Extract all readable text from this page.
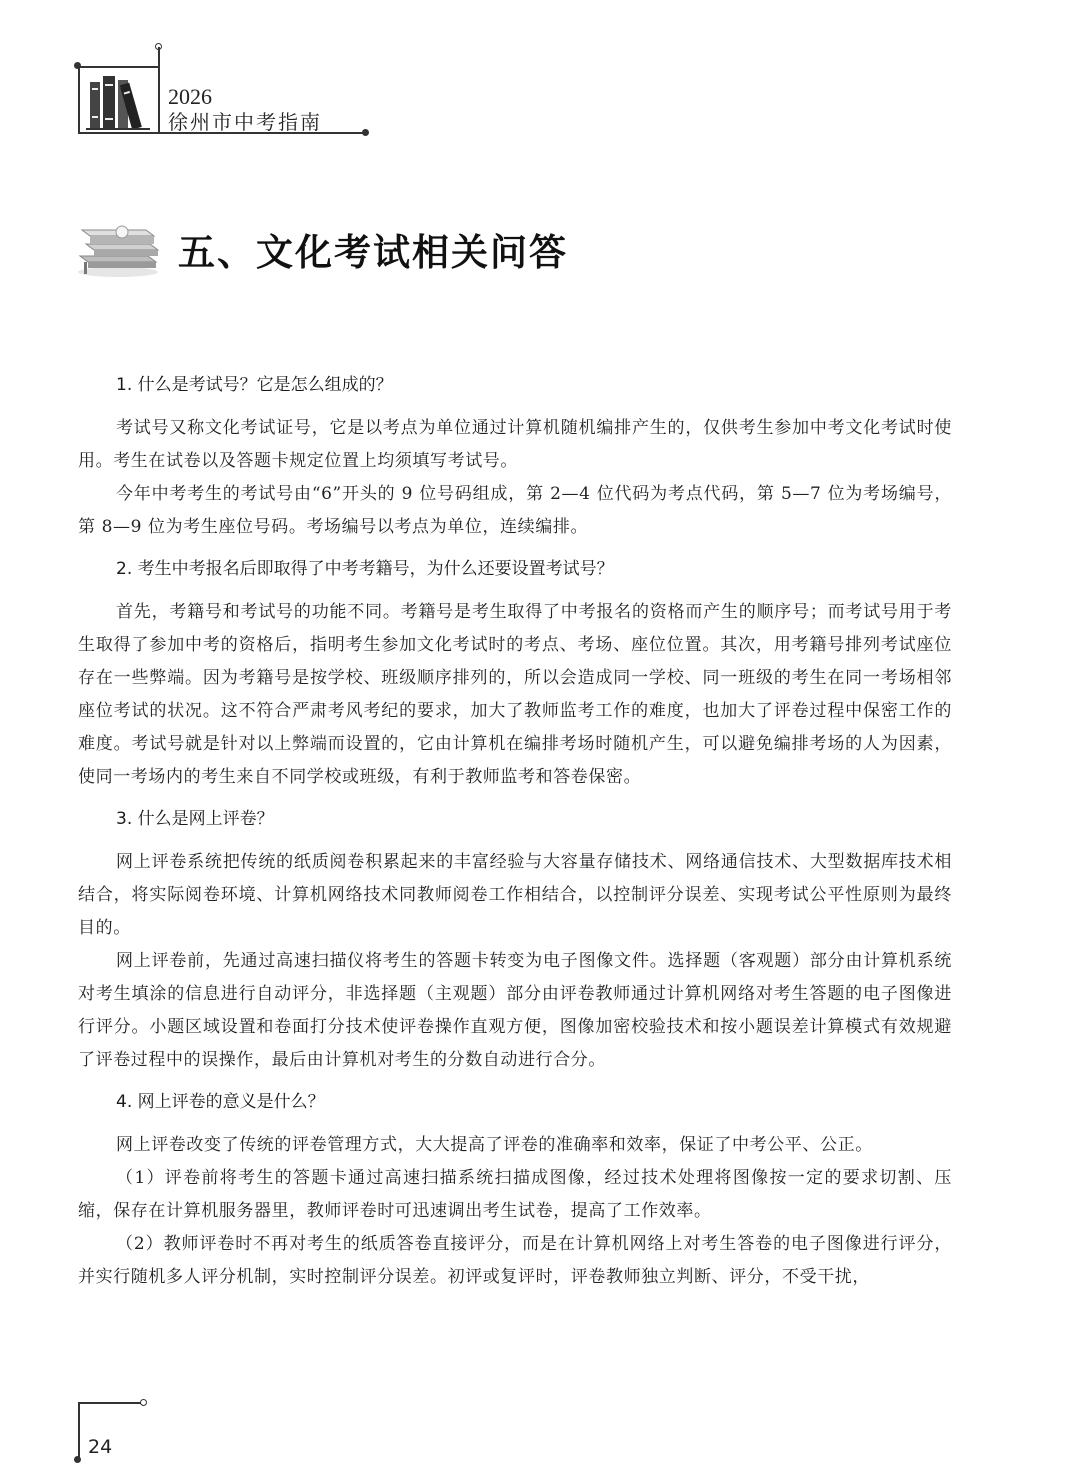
2026
徐州市中考指南
五、文化考试相关问答
1. 什么是考试号？它是怎么组成的？

考试号又称文化考试证号，它是以考点为单位通过计算机随机编排产生的，仅供考生参加中考文化考试时使用。考生在试卷以及答题卡规定位置上均须填写考试号。

今年中考考生的考试号由“6”开头的 9 位号码组成，第 2—4 位代码为考点代码，第 5—7 位为考场编号，第 8—9 位为考生座位号码。考场编号以考点为单位，连续编排。

2. 考生中考报名后即取得了中考考籍号，为什么还要设置考试号？

首先，考籍号和考试号的功能不同。考籍号是考生取得了中考报名的资格而产生的顺序号；而考试号用于考生取得了参加中考的资格后，指明考生参加文化考试时的考点、考场、座位位置。其次，用考籍号排列考试座位存在一些弊端。因为考籍号是按学校、班级顺序排列的，所以会造成同一学校、同一班级的考生在同一考场相邻座位考试的状况。这不符合严肃考风考纪的要求，加大了教师监考工作的难度，也加大了评卷过程中保密工作的难度。考试号就是针对以上弊端而设置的，它由计算机在编排考场时随机产生，可以避免编排考场的人为因素，使同一考场内的考生来自不同学校或班级，有利于教师监考和答卷保密。

3. 什么是网上评卷？

网上评卷系统把传统的纸质阅卷积累起来的丰富经验与大容量存储技术、网络通信技术、大型数据库技术相结合，将实际阅卷环境、计算机网络技术同教师阅卷工作相结合，以控制评分误差、实现考试公平性原则为最终目的。

网上评卷前，先通过高速扫描仪将考生的答题卡转变为电子图像文件。选择题（客观题）部分由计算机系统对考生填涂的信息进行自动评分，非选择题（主观题）部分由评卷教师通过计算机网络对考生答题的电子图像进行评分。小题区域设置和卷面打分技术使评卷操作直观方便，图像加密校验技术和按小题误差计算模式有效规避了评卷过程中的误操作，最后由计算机对考生的分数自动进行合分。

4. 网上评卷的意义是什么？

网上评卷改变了传统的评卷管理方式，大大提高了评卷的准确率和效率，保证了中考公平、公正。

（1）评卷前将考生的答题卡通过高速扫描系统扫描成图像，经过技术处理将图像按一定的要求切割、压缩，保存在计算机服务器里，教师评卷时可迅速调出考生试卷，提高了工作效率。

（2）教师评卷时不再对考生的纸质答卷直接评分，而是在计算机网络上对考生答卷的电子图像进行评分，并实行随机多人评分机制，实时控制评分误差。初评或复评时，评卷教师独立判断、评分，不受干扰，

24
